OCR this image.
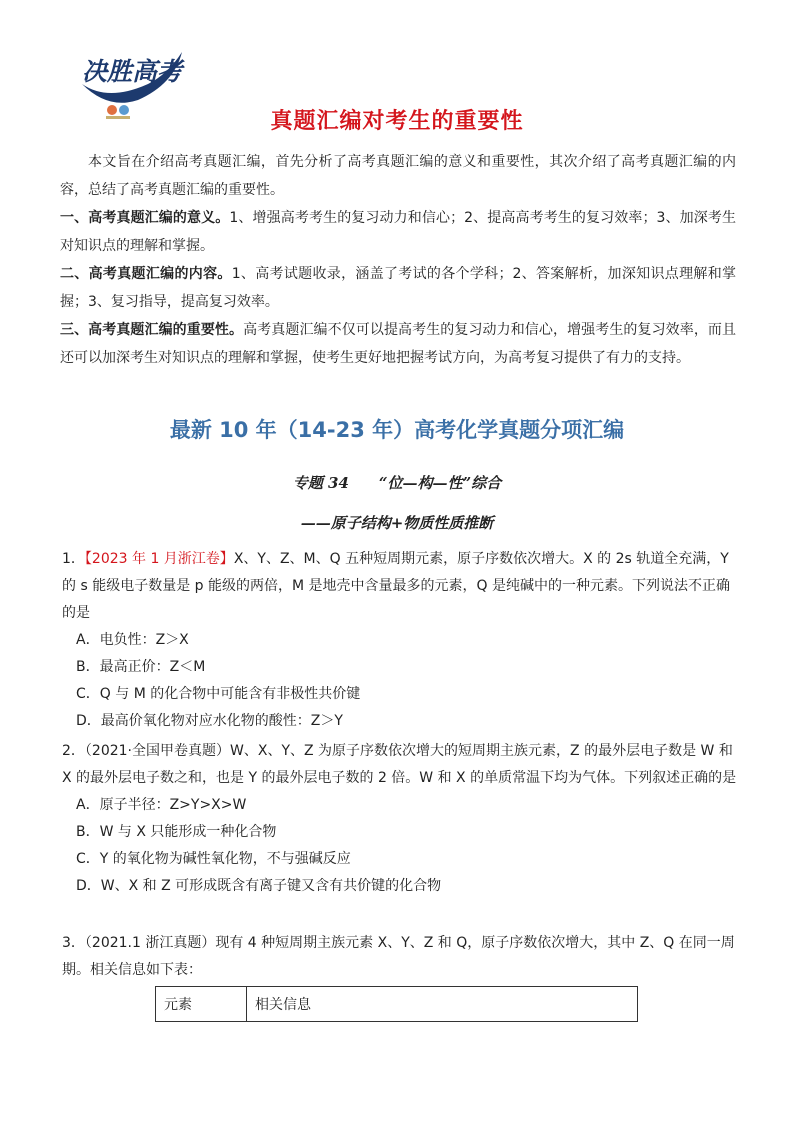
决胜高考
真题汇编对考生的重要性

本文旨在介绍高考真题汇编，首先分析了高考真题汇编的意义和重要性，其次介绍了高考真题汇编的内容，总结了高考真题汇编的重要性。

一、高考真题汇编的意义。1、增强高考考生的复习动力和信心；2、提高高考考生的复习效率；3、加深考生对知识点的理解和掌握。

二、高考真题汇编的内容。1、高考试题收录，涵盖了考试的各个学科；2、答案解析，加深知识点理解和掌握；3、复习指导，提高复习效率。

三、高考真题汇编的重要性。高考真题汇编不仅可以提高考生的复习动力和信心，增强考生的复习效率，而且还可以加深考生对知识点的理解和掌握，使考生更好地把握考试方向，为高考复习提供了有力的支持。

最新 10 年（14-23 年）高考化学真题分项汇编
专题 34　　“位—构—性”综合
——原子结构+物质性质推断
1．【2023 年 1 月浙江卷】X、Y、Z、M、Q 五种短周期元素，原子序数依次增大。X 的 2s 轨道全充满，Y 的 s 能级电子数量是 p 能级的两倍，M 是地壳中含量最多的元素，Q 是纯碱中的一种元素。下列说法不正确的是
A．电负性：Z＞X
B．最高正价：Z＜M
C．Q 与 M 的化合物中可能含有非极性共价键
D．最高价氧化物对应水化物的酸性：Z＞Y
2．（2021·全国甲卷真题）W、X、Y、Z 为原子序数依次增大的短周期主族元素，Z 的最外层电子数是 W 和 X 的最外层电子数之和，也是 Y 的最外层电子数的 2 倍。W 和 X 的单质常温下均为气体。下列叙述正确的是
A．原子半径：Z>Y>X>W
B．W 与 X 只能形成一种化合物
C．Y 的氧化物为碱性氧化物，不与强碱反应
D．W、X 和 Z 可形成既含有离子键又含有共价键的化合物
3．（2021.1 浙江真题）现有 4 种短周期主族元素 X、Y、Z 和 Q，原子序数依次增大，其中 Z、Q 在同一周期。相关信息如下表：
元素	相关信息
